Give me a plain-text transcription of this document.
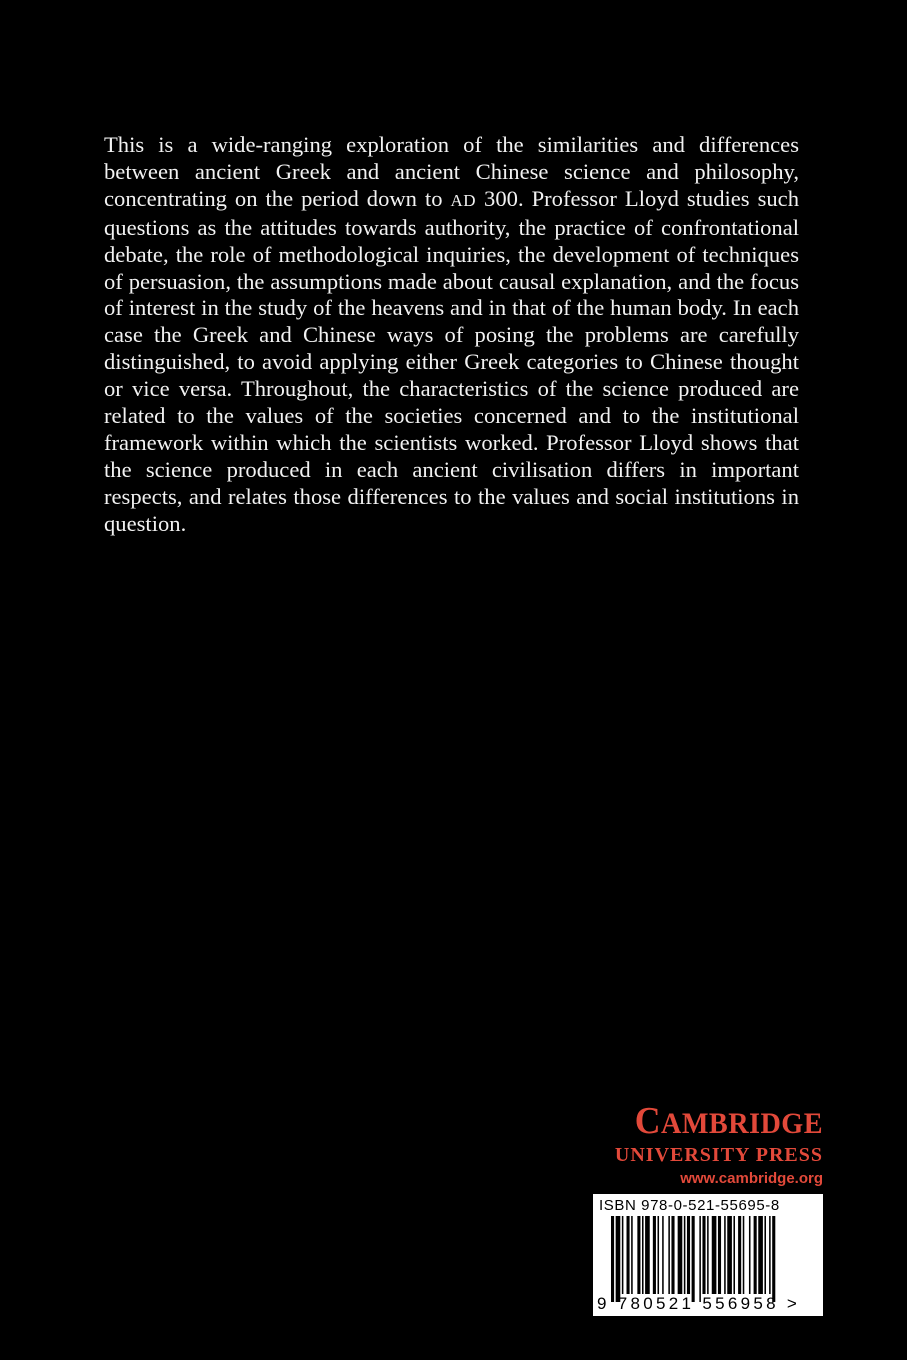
This is a wide-ranging exploration of the similarities and differences between ancient Greek and ancient Chinese science and philosophy, concentrating on the period down to AD 300. Professor Lloyd studies such questions as the attitudes towards authority, the practice of confrontational debate, the role of methodological inquiries, the development of techniques of persuasion, the assumptions made about causal explanation, and the focus of interest in the study of the heavens and in that of the human body. In each case the Greek and Chinese ways of posing the problems are carefully distinguished, to avoid applying either Greek categories to Chinese thought or vice versa. Throughout, the characteristics of the science produced are related to the values of the societies concerned and to the institutional framework within which the scientists worked. Professor Lloyd shows that the science produced in each ancient civilisation differs in important respects, and relates those differences to the values and social institutions in question.

CAMBRIDGE
UNIVERSITY PRESS
www.cambridge.org
ISBN 978-0-521-55695-8
9 780521 556958 >
